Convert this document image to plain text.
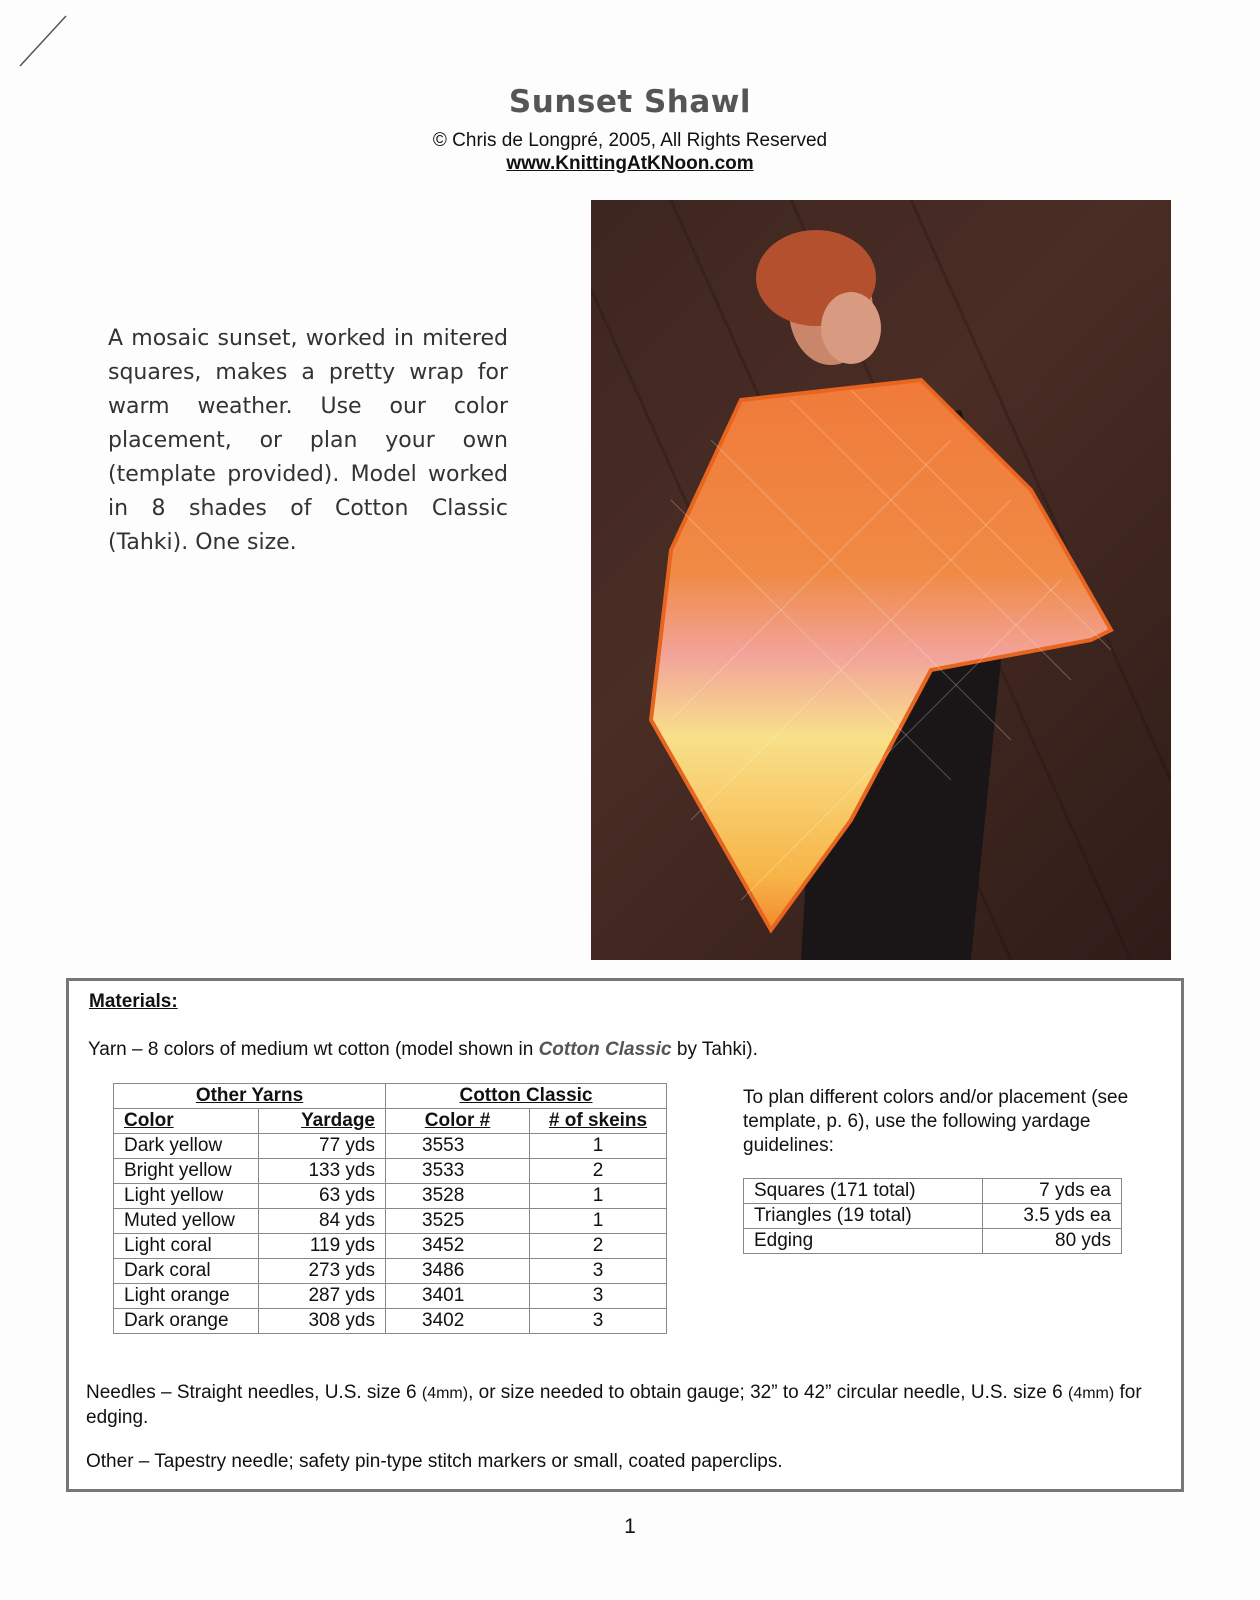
Sunset Shawl
© Chris de Longpré, 2005, All Rights Reserved
www.KnittingAtKNoon.com

A mosaic sunset, worked in mitered squares, makes a pretty wrap for warm weather. Use our color placement, or plan your own (template provided). Model worked in 8 shades of Cotton Classic (Tahki). One size.

Materials:
Yarn – 8 colors of medium wt cotton (model shown in Cotton Classic by Tahki).
Other Yarns		Cotton Classic	
Color	Yardage	Color #	# of skeins
Dark yellow	77 yds	3553	1
Bright yellow	133 yds	3533	2
Light yellow	63 yds	3528	1
Muted yellow	84 yds	3525	1
Light coral	119 yds	3452	2
Dark coral	273 yds	3486	3
Light orange	287 yds	3401	3
Dark orange	308 yds	3402	3

To plan different colors and/or placement (see template, p. 6), use the following yardage guidelines:

Squares (171 total)	7 yds ea
Triangles (19 total)	3.5 yds ea
Edging	80 yds

Needles – Straight needles, U.S. size 6 (4mm), or size needed to obtain gauge; 32” to 42” circular needle, U.S. size 6 (4mm) for edging.

Other – Tapestry needle; safety pin-type stitch markers or small, coated paperclips.

1
